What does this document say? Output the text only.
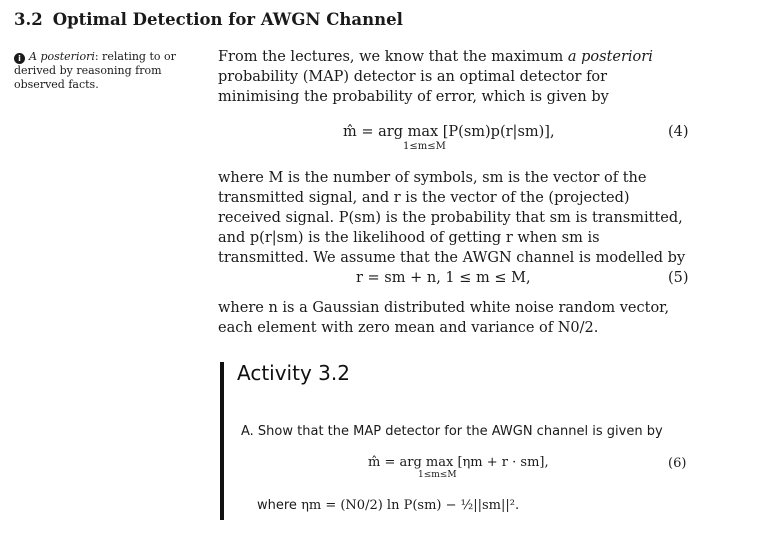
3.2 Optimal Detection for AWGN Channel
i A posteriori: relating to or derived by reasoning from observed facts.
From the lectures, we know that the maximum a posteriori probability (MAP) detector is an optimal detector for minimising the probability of error, which is given by
m̂ = arg max [P(sm)p(r|sm)],
1≤m≤M
(4)
where M is the number of symbols, sm is the vector of the transmitted signal, and r is the vector of the (projected) received signal. P(sm) is the probability that sm is transmitted, and p(r|sm) is the likelihood of getting r when sm is transmitted. We assume that the AWGN channel is modelled by
r = sm + n, 1 ≤ m ≤ M,	(5)
where n is a Gaussian distributed white noise random vector, each element with zero mean and variance of N0/2.
Activity 3.2
A. Show that the MAP detector for the AWGN channel is given by
m̂ = arg max [ηm + r · sm],
1≤m≤M
(6)
where ηm = (N0/2) ln P(sm) − ½||sm||².
